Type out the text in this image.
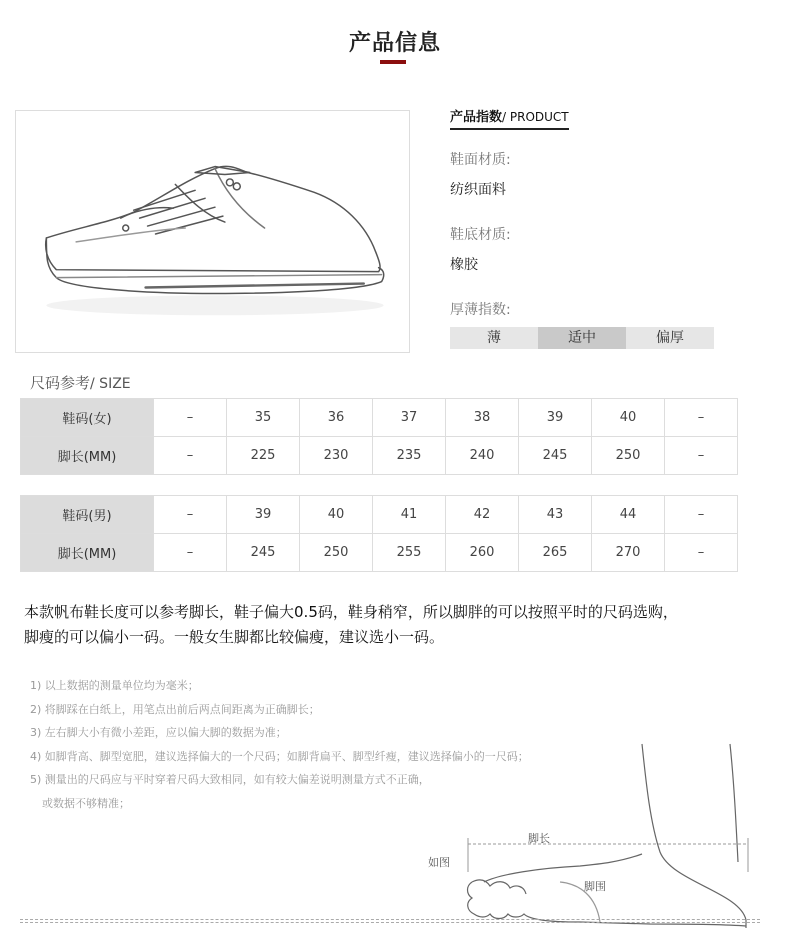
产品信息
产品指数/ PRODUCT
鞋面材质:
纺织面料
鞋底材质:
橡胶
厚薄指数:
薄	适中	偏厚
尺码参考/ SIZE
鞋码(女)	–	35	36	37	38	39	40	–
脚长(MM)	–	225	230	235	240	245	250	–
鞋码(男)	–	39	40	41	42	43	44	–
脚长(MM)	–	245	250	255	260	265	270	–
本款帆布鞋长度可以参考脚长，鞋子偏大0.5码，鞋身稍窄，所以脚胖的可以按照平时的尺码选购，
脚瘦的可以偏小一码。一般女生脚都比较偏瘦，建议选小一码。
1) 以上数据的测量单位均为毫米；
2) 将脚踩在白纸上，用笔点出前后两点间距离为正确脚长；
3) 左右脚大小有微小差距，应以偏大脚的数据为准；
4) 如脚背高、脚型宽肥，建议选择偏大的一个尺码；如脚背扁平、脚型纤瘦，建议选择偏小的一尺码；
5) 测量出的尺码应与平时穿着尺码大致相同，如有较大偏差说明测量方式不正确，
或数据不够精准；
脚长
如图
脚围
